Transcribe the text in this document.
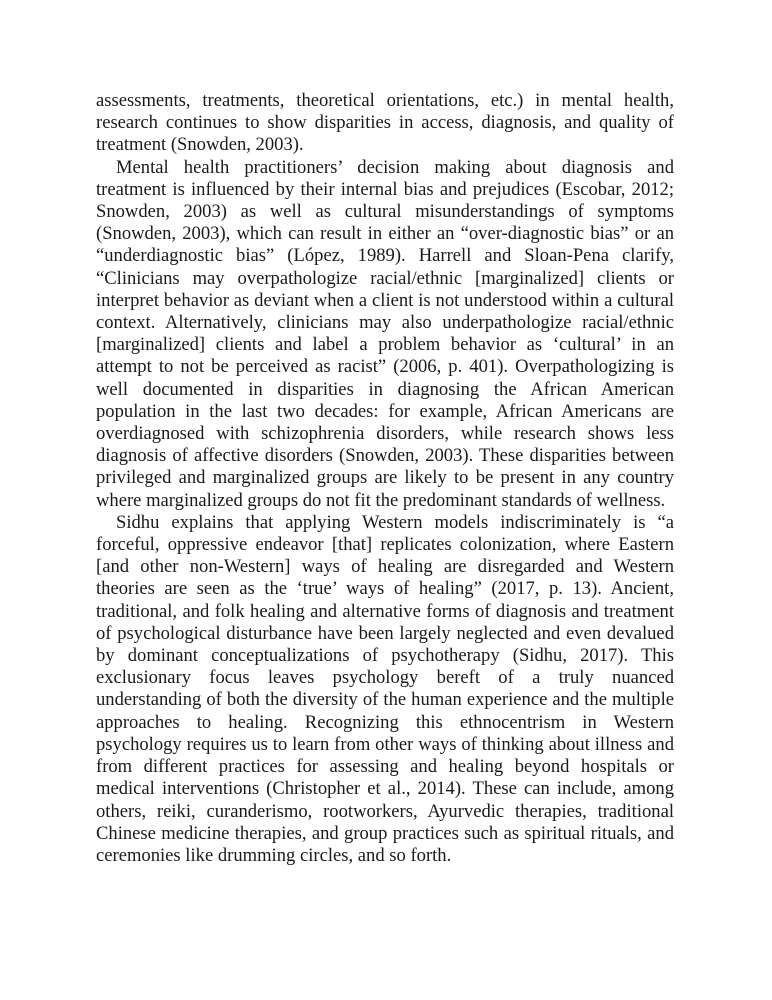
assessments, treatments, theoretical orientations, etc.) in mental health, research continues to show disparities in access, diagnosis, and quality of treatment (Snowden, 2003).

Mental health practitioners’ decision making about diagnosis and treatment is influenced by their internal bias and prejudices (Escobar, 2012; Snowden, 2003) as well as cultural misunderstandings of symptoms (Snowden, 2003), which can result in either an “over-diagnostic bias” or an “underdiagnostic bias” (López, 1989). Harrell and Sloan-Pena clarify, “Clinicians may overpathologize racial/ethnic [marginalized] clients or interpret behavior as deviant when a client is not understood within a cultural context. Alternatively, clinicians may also underpathologize racial/ethnic [marginalized] clients and label a problem behavior as ‘cultural’ in an attempt to not be perceived as racist” (2006, p. 401). Overpathologizing is well documented in disparities in diagnosing the African American population in the last two decades: for example, African Americans are overdiagnosed with schizophrenia disorders, while research shows less diagnosis of affective disorders (Snowden, 2003). These disparities between privileged and marginalized groups are likely to be present in any country where marginalized groups do not fit the predominant standards of wellness.

Sidhu explains that applying Western models indiscriminately is “a forceful, oppressive endeavor [that] replicates colonization, where Eastern [and other non-Western] ways of healing are disregarded and Western theories are seen as the ‘true’ ways of healing” (2017, p. 13). Ancient, traditional, and folk healing and alternative forms of diagnosis and treatment of psychological disturbance have been largely neglected and even devalued by dominant conceptualizations of psychotherapy (Sidhu, 2017). This exclusionary focus leaves psychology bereft of a truly nuanced understanding of both the diversity of the human experience and the multiple approaches to healing. Recognizing this ethnocentrism in Western psychology requires us to learn from other ways of thinking about illness and from different practices for assessing and healing beyond hospitals or medical interventions (Christopher et al., 2014). These can include, among others, reiki, curanderismo, rootworkers, Ayurvedic therapies, traditional Chinese medicine therapies, and group practices such as spiritual rituals, and ceremonies like drumming circles, and so forth.
